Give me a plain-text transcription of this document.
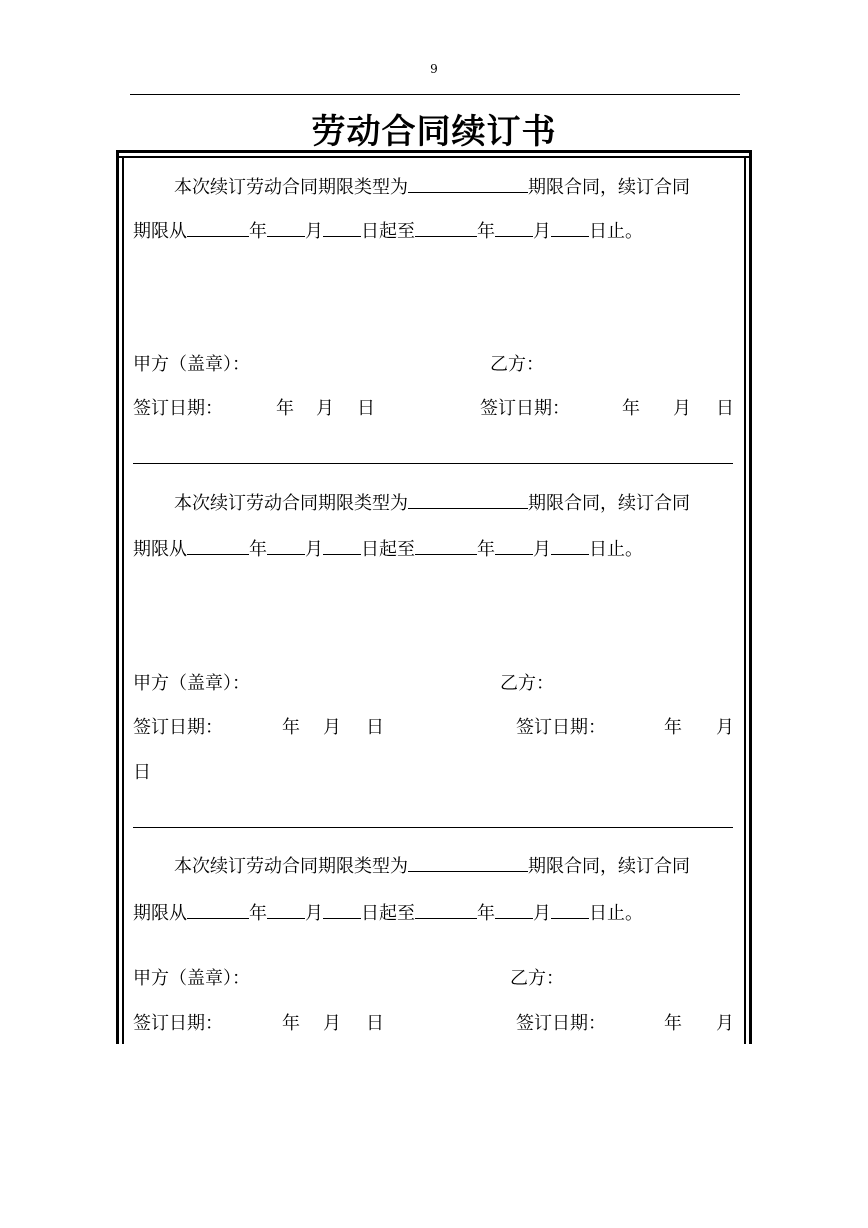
9
劳动合同续订书
本次续订劳动合同期限类型为	期限合同，续订合同
期限从	年 月 日起至	年 月 日止。
甲方（盖章）：	乙方：
签订日期：	年 月 日	签订日期：	年 月 日
本次续订劳动合同期限类型为	期限合同，续订合同
期限从	年 月 日起至	年 月 日止。
甲方（盖章）：	乙方：
签订日期：	年 月 日	签订日期：	年 月
日
本次续订劳动合同期限类型为	期限合同，续订合同
期限从	年 月 日起至	年 月 日止。
甲方（盖章）：	乙方：
签订日期：	年 月 日	签订日期：	年 月
